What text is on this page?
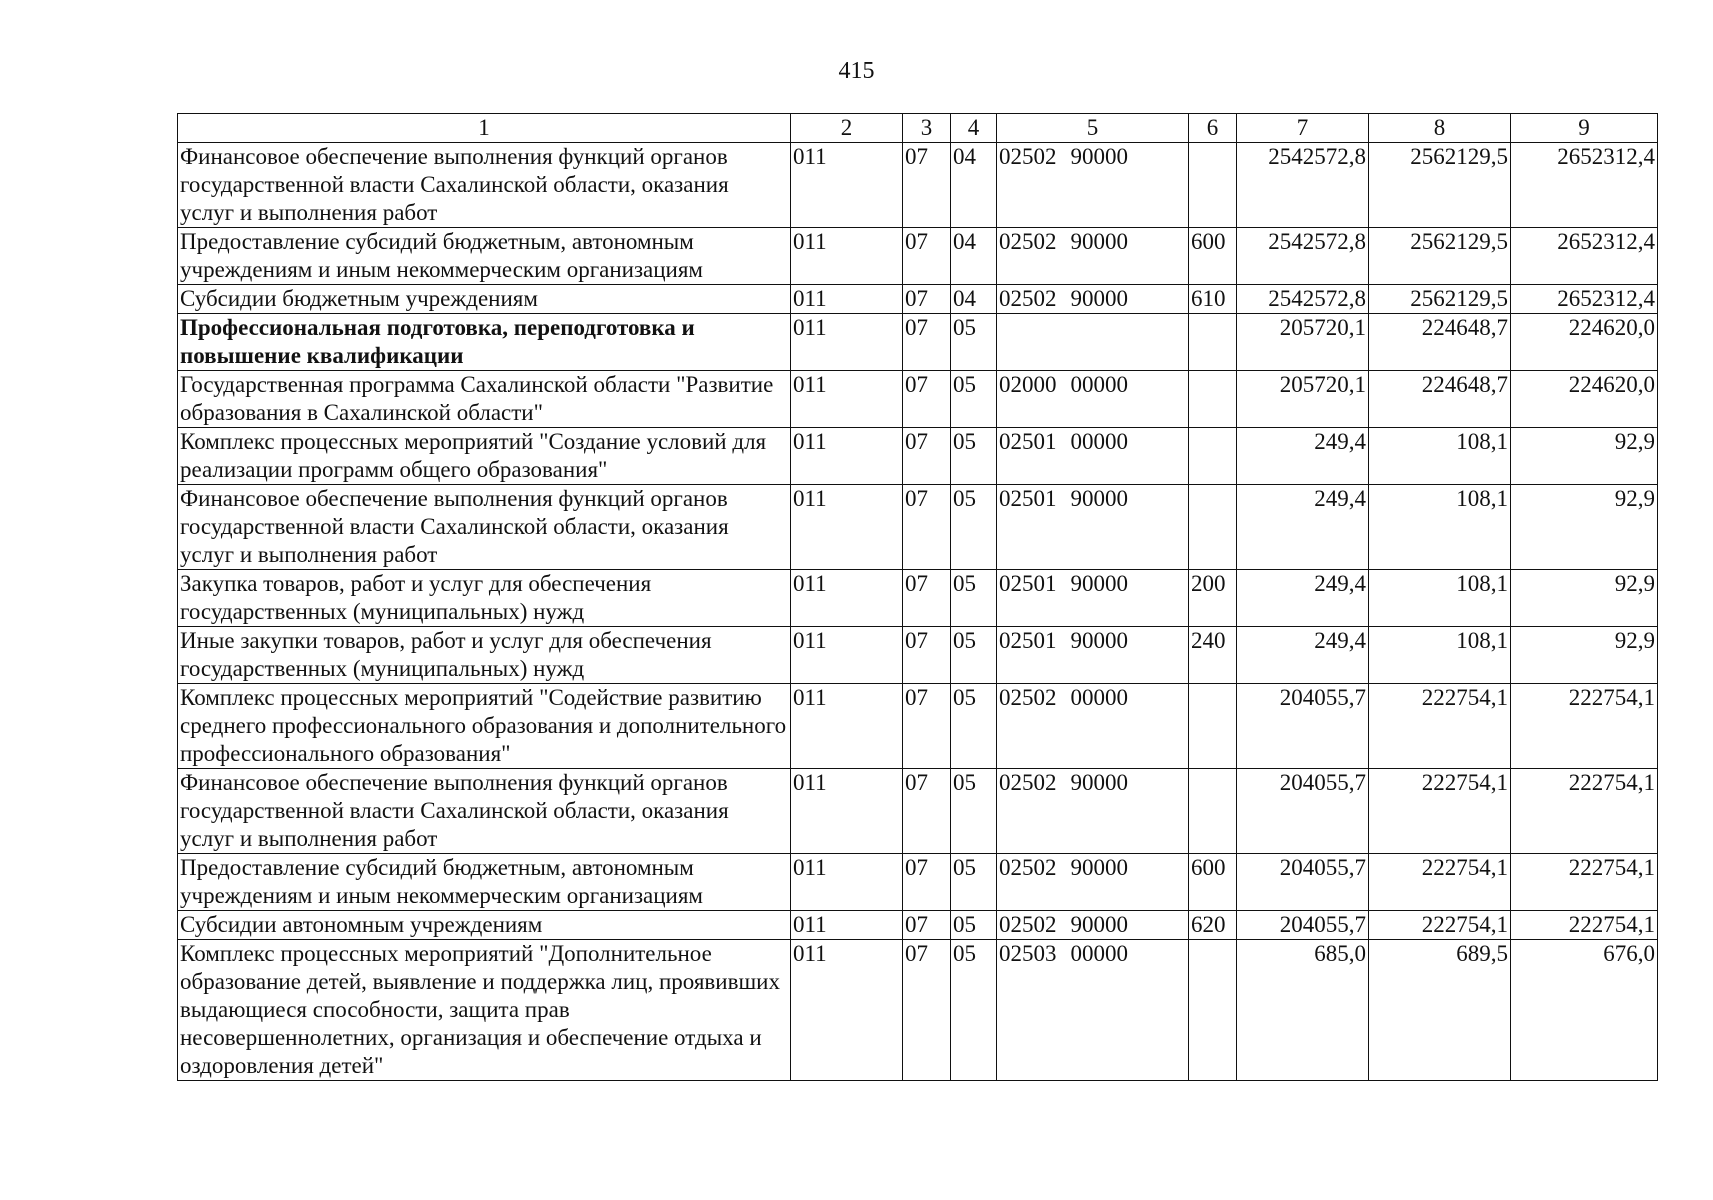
415
1	2	3	4	5	6	7	8	9
Финансовое обеспечение выполнения функций органов государственной власти Сахалинской области, оказания услуг и выполнения работ	011	07	04	02502 90000		2542572,8	2562129,5	2652312,4
Предоставление субсидий бюджетным, автономным учреждениям и иным некоммерческим организациям	011	07	04	02502 90000	600	2542572,8	2562129,5	2652312,4
Субсидии бюджетным учреждениям	011	07	04	02502 90000	610	2542572,8	2562129,5	2652312,4
Профессиональная подготовка, переподготовка и повышение квалификации	011	07	05			205720,1	224648,7	224620,0
Государственная программа Сахалинской области "Развитие образования в Сахалинской области"	011	07	05	02000 00000		205720,1	224648,7	224620,0
Комплекс процессных мероприятий "Создание условий для реализации программ общего образования"	011	07	05	02501 00000		249,4	108,1	92,9
Финансовое обеспечение выполнения функций органов государственной власти Сахалинской области, оказания услуг и выполнения работ	011	07	05	02501 90000		249,4	108,1	92,9
Закупка товаров, работ и услуг для обеспечения государственных (муниципальных) нужд	011	07	05	02501 90000	200	249,4	108,1	92,9
Иные закупки товаров, работ и услуг для обеспечения государственных (муниципальных) нужд	011	07	05	02501 90000	240	249,4	108,1	92,9
Комплекс процессных мероприятий "Содействие развитию среднего профессионального образования и дополнительного профессионального образования"	011	07	05	02502 00000		204055,7	222754,1	222754,1
Финансовое обеспечение выполнения функций органов государственной власти Сахалинской области, оказания услуг и выполнения работ	011	07	05	02502 90000		204055,7	222754,1	222754,1
Предоставление субсидий бюджетным, автономным учреждениям и иным некоммерческим организациям	011	07	05	02502 90000	600	204055,7	222754,1	222754,1
Субсидии автономным учреждениям	011	07	05	02502 90000	620	204055,7	222754,1	222754,1
Комплекс процессных мероприятий "Дополнительное образование детей, выявление и поддержка лиц, проявивших выдающиеся способности, защита прав несовершеннолетних, организация и обеспечение отдыха и оздоровления детей"	011	07	05	02503 00000		685,0	689,5	676,0
